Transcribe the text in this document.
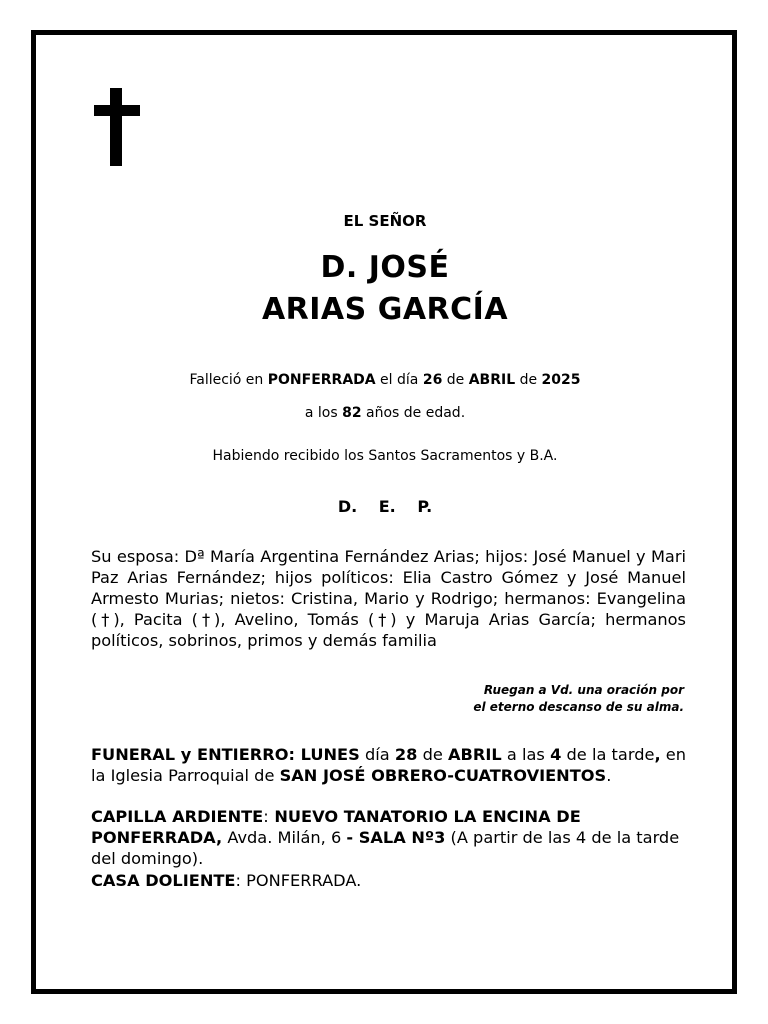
EL SEÑOR
D. JOSÉ
ARIAS GARCÍA
Falleció en PONFERRADA el día 26 de ABRIL de 2025
a los 82 años de edad.
Habiendo recibido los Santos Sacramentos y B.A.
D. E. P.
Su esposa: Dª María Argentina Fernández Arias; hijos: José Manuel y Mari Paz Arias Fernández; hijos políticos: Elia Castro Gómez y José Manuel Armesto Murias; nietos: Cristina, Mario y Rodrigo; hermanos: Evangelina (†), Pacita (†), Avelino, Tomás (†) y Maruja Arias García; hermanos políticos, sobrinos, primos y demás familia
Ruegan a Vd. una oración por
el eterno descanso de su alma.
FUNERAL y ENTIERRO: LUNES día 28 de ABRIL a las 4 de la tarde, en la Iglesia Parroquial de SAN JOSÉ OBRERO-CUATROVIENTOS.
CAPILLA ARDIENTE: NUEVO TANATORIO LA ENCINA DE PONFERRADA, Avda. Milán, 6 - SALA Nº3 (A partir de las 4 de la tarde del domingo).
CASA DOLIENTE: PONFERRADA.
